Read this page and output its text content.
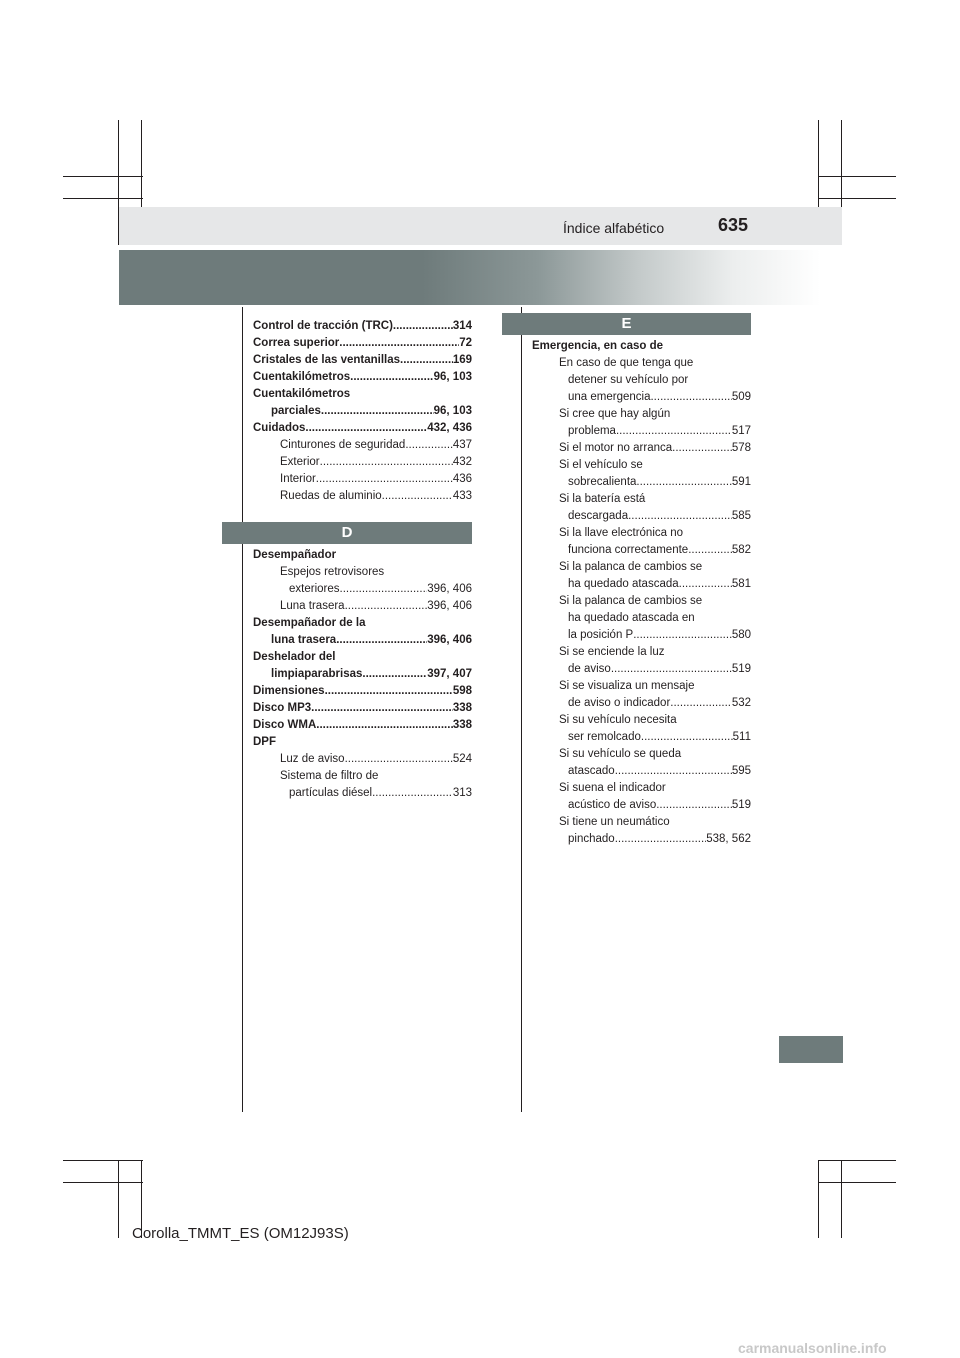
Índice alfabético	635
Control de tracción (TRC) .....	314
Correa superior .....	72
Cristales de las ventanillas .....	169
Cuentakilómetros .....	96, 103
Cuentakilómetros
parciales .....	96, 103
Cuidados .....	432, 436
Cinturones de seguridad .....	437
Exterior .....	432
Interior .....	436
Ruedas de aluminio .....	433
D
Desempañador
Espejos retrovisores
exteriores .....	396, 406
Luna trasera .....	396, 406
Desempañador de la
luna trasera .....	396, 406
Deshelador del
limpiaparabrisas .....	397, 407
Dimensiones .....	598
Disco MP3 .....	338
Disco WMA .....	338
DPF
Luz de aviso .....	524
Sistema de filtro de
partículas diésel .....	313
E
Emergencia, en caso de
En caso de que tenga que
detener su vehículo por
una emergencia .....	509
Si cree que hay algún
problema .....	517
Si el motor no arranca .....	578
Si el vehículo se
sobrecalienta .....	591
Si la batería está
descargada .....	585
Si la llave electrónica no
funciona correctamente .....	582
Si la palanca de cambios se
ha quedado atascada .....	581
Si la palanca de cambios se
ha quedado atascada en
la posición P .....	580
Si se enciende la luz
de aviso .....	519
Si se visualiza un mensaje
de aviso o indicador .....	532
Si su vehículo necesita
ser remolcado .....	511
Si su vehículo se queda
atascado .....	595
Si suena el indicador
acústico de aviso .....	519
Si tiene un neumático
pinchado .....	538, 562
Corolla_TMMT_ES (OM12J93S)
carmanualsonline.info
